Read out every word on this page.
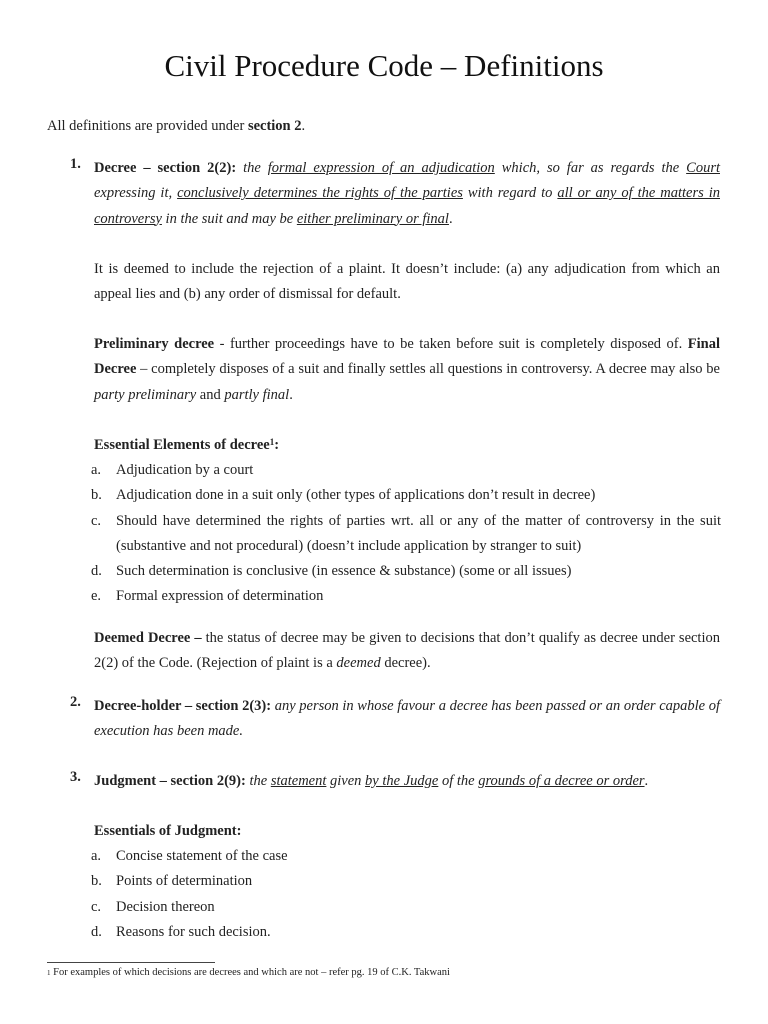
Civil Procedure Code – Definitions
All definitions are provided under section 2.
1. Decree – section 2(2): the formal expression of an adjudication which, so far as regards the Court expressing it, conclusively determines the rights of the parties with regard to all or any of the matters in controversy in the suit and may be either preliminary or final.
It is deemed to include the rejection of a plaint. It doesn’t include: (a) any adjudication from which an appeal lies and (b) any order of dismissal for default.
Preliminary decree - further proceedings have to be taken before suit is completely disposed of. Final Decree – completely disposes of a suit and finally settles all questions in controversy. A decree may also be party preliminary and partly final.
Essential Elements of decree$^1$:
a. Adjudication by a court
b. Adjudication done in a suit only (other types of applications don’t result in decree)
c. Should have determined the rights of parties wrt. all or any of the matter of controversy in the suit (substantive and not procedural) (doesn’t include application by stranger to suit)
d. Such determination is conclusive (in essence & substance) (some or all issues)
e. Formal expression of determination
Deemed Decree – the status of decree may be given to decisions that don’t qualify as decree under section 2(2) of the Code. (Rejection of plaint is a deemed decree).
2. Decree-holder – section 2(3): any person in whose favour a decree has been passed or an order capable of execution has been made.
3. Judgment – section 2(9): the statement given by the Judge of the grounds of a decree or order.
Essentials of Judgment:
a. Concise statement of the case
b. Points of determination
c. Decision thereon
d. Reasons for such decision.
$^1$ For examples of which decisions are decrees and which are not – refer pg. 19 of C.K. Takwani
